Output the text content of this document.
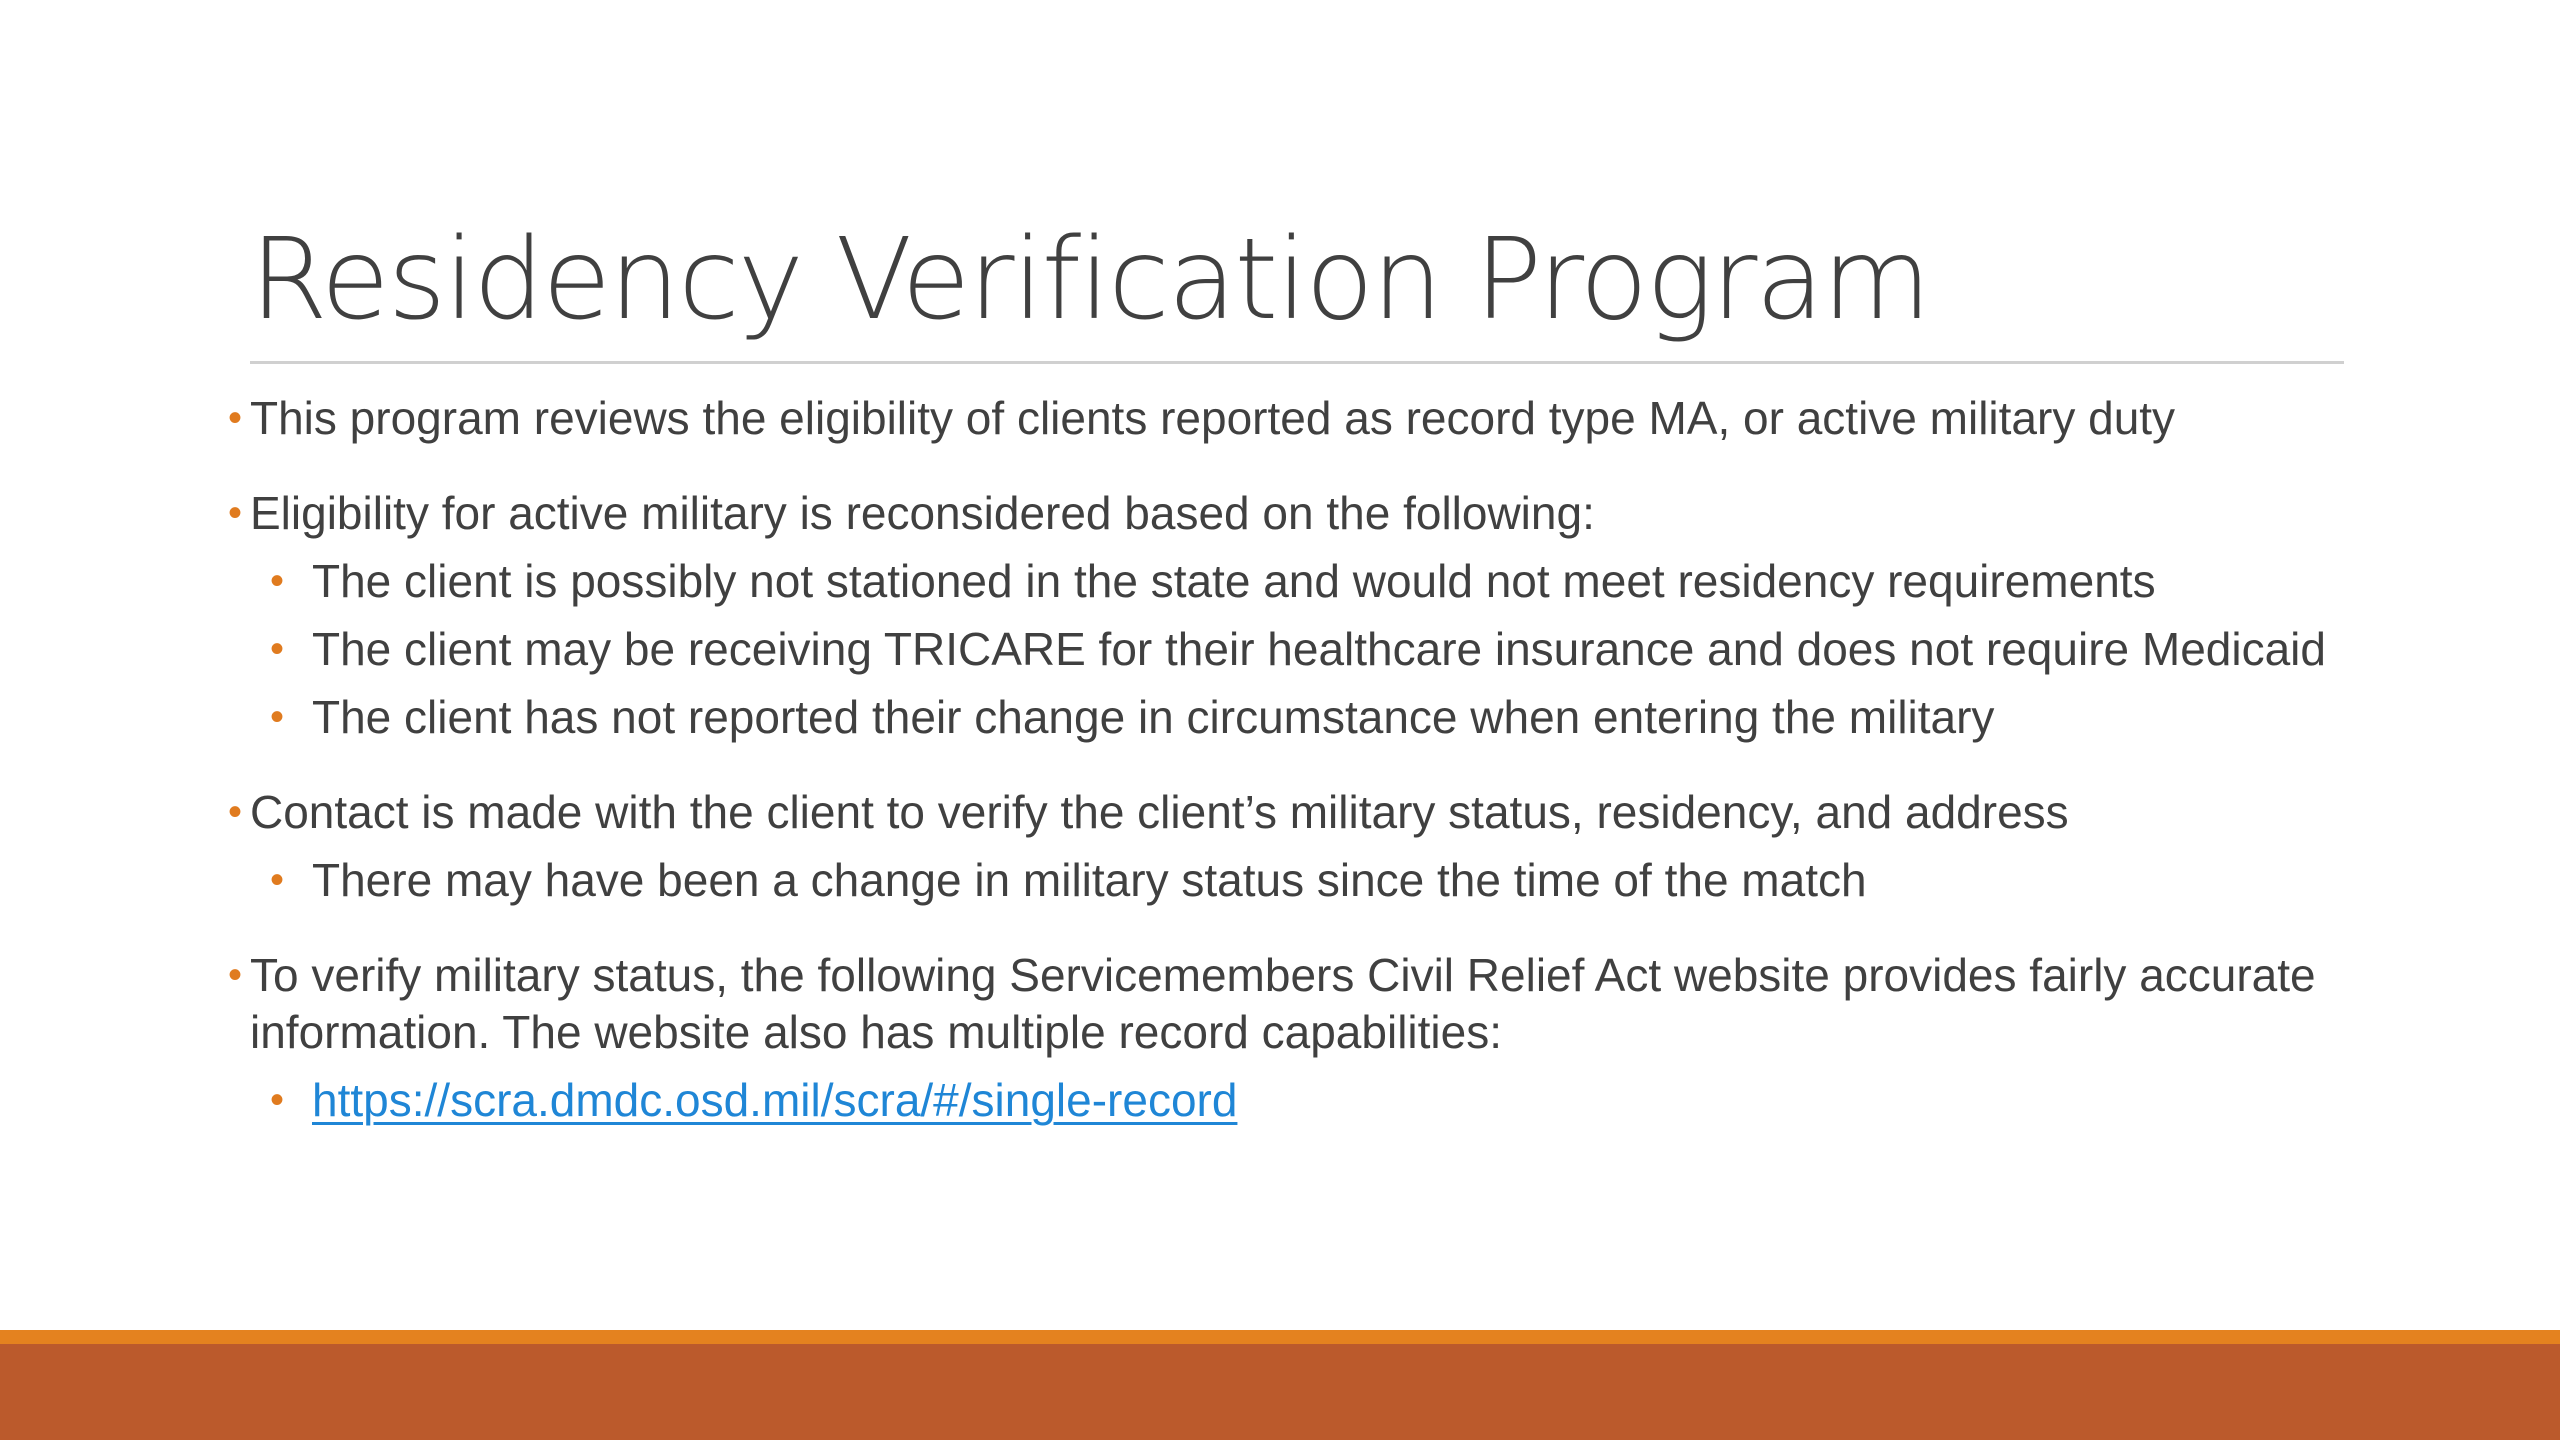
Residency Verification Program
• This program reviews the eligibility of clients reported as record type MA, or active military duty
• Eligibility for active military is reconsidered based on the following:
• The client is possibly not stationed in the state and would not meet residency requirements
• The client may be receiving TRICARE for their healthcare insurance and does not require Medicaid
• The client has not reported their change in circumstance when entering the military
• Contact is made with the client to verify the client’s military status, residency, and address
• There may have been a change in military status since the time of the match
• To verify military status, the following Servicemembers Civil Relief Act website provides fairly accurate information. The website also has multiple record capabilities:
• https://scra.dmdc.osd.mil/scra/#/single-record
